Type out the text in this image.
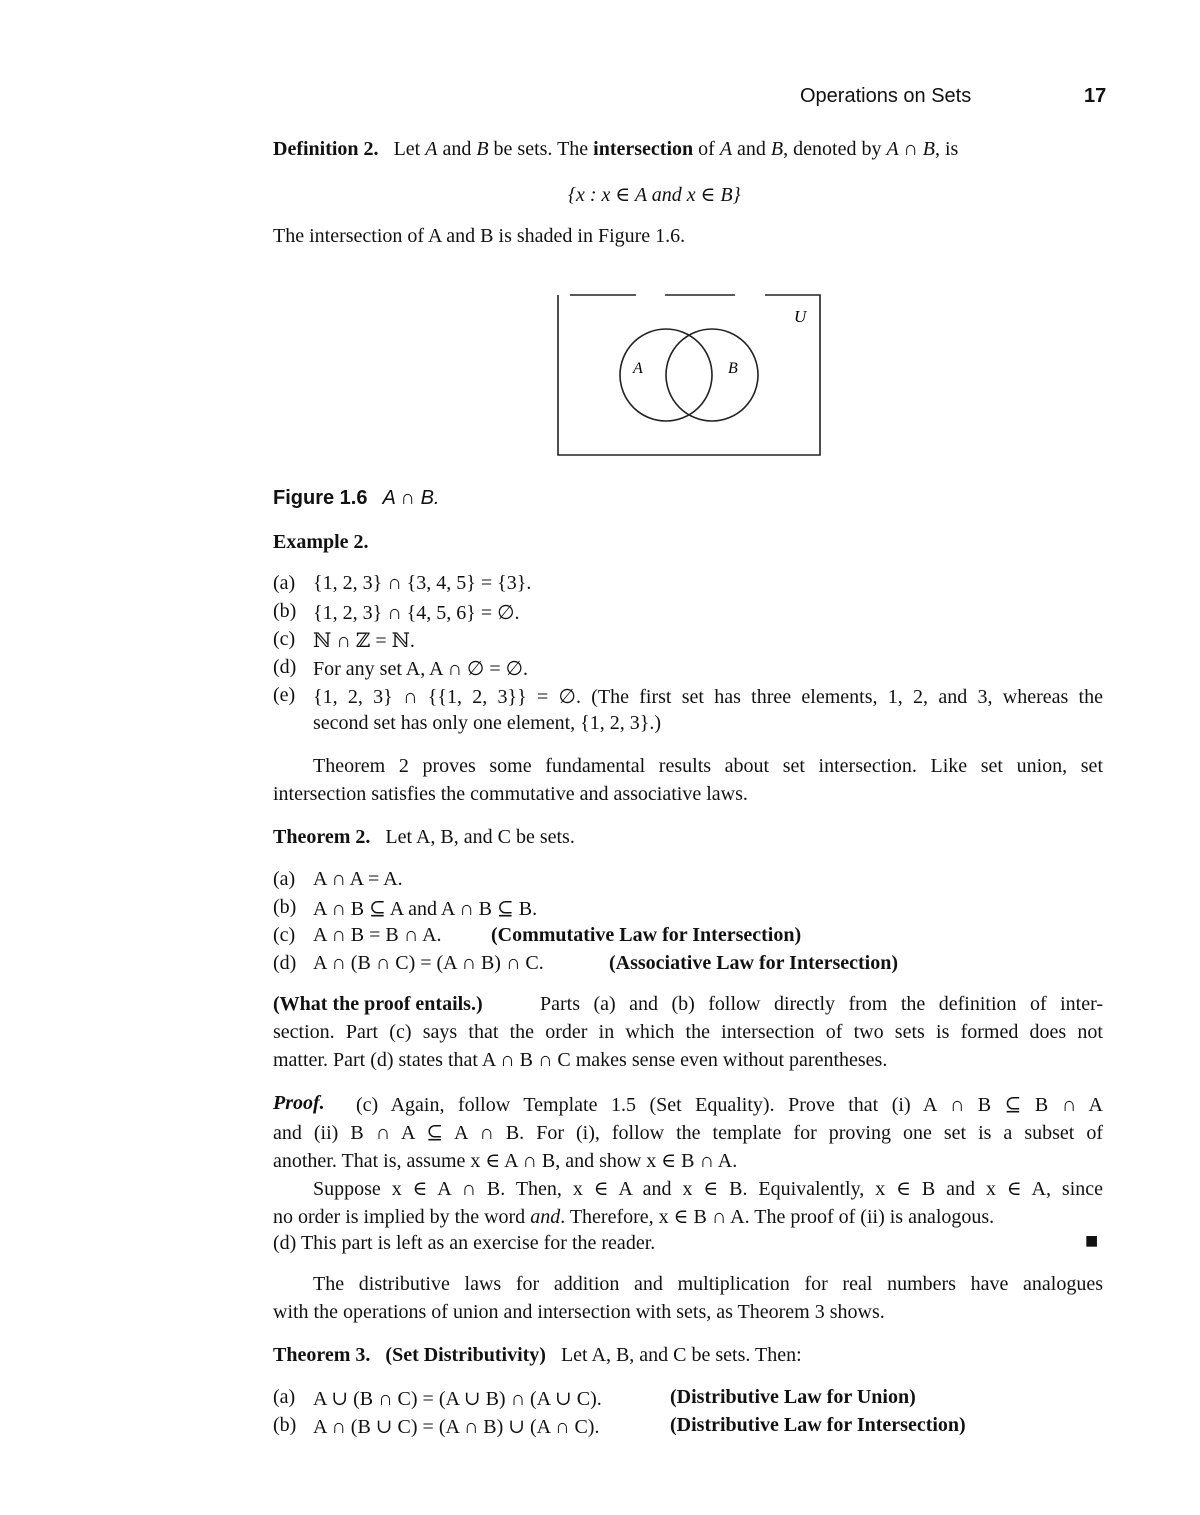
Operations on Sets	17
Definition 2. Let A and B be sets. The intersection of A and B, denoted by A ∩ B, is
{x : x ∈ A and x ∈ B}
The intersection of A and B is shaded in Figure 1.6.
U
A	B
Figure 1.6 A ∩ B.
Example 2.
(a) {1, 2, 3} ∩ {3, 4, 5} = {3}.
(b) {1, 2, 3} ∩ {4, 5, 6} = ∅.
(c) ℕ ∩ ℤ = ℕ.
(d) For any set A, A ∩ ∅ = ∅.
(e) {1, 2, 3} ∩ {{1, 2, 3}} = ∅. (The first set has three elements, 1, 2, and 3, whereas the
second set has only one element, {1, 2, 3}.)
Theorem 2 proves some fundamental results about set intersection. Like set union, set
intersection satisfies the commutative and associative laws.
Theorem 2. Let A, B, and C be sets.
(a) A ∩ A = A.
(b) A ∩ B ⊆ A and A ∩ B ⊆ B.
(c) A ∩ B = B ∩ A. (Commutative Law for Intersection)
(d) A ∩ (B ∩ C) = (A ∩ B) ∩ C.	(Associative Law for Intersection)
(What the proof entails.)	Parts (a) and (b) follow directly from the definition of inter-
section. Part (c) says that the order in which the intersection of two sets is formed does not
matter. Part (d) states that A ∩ B ∩ C makes sense even without parentheses.
Proof. (c) Again, follow Template 1.5 (Set Equality). Prove that (i) A ∩ B ⊆ B ∩ A
and (ii) B ∩ A ⊆ A ∩ B. For (i), follow the template for proving one set is a subset of
another. That is, assume x ∈ A ∩ B, and show x ∈ B ∩ A.
Suppose x ∈ A ∩ B. Then, x ∈ A and x ∈ B. Equivalently, x ∈ B and x ∈ A, since
no order is implied by the word and. Therefore, x ∈ B ∩ A. The proof of (ii) is analogous.
(d) This part is left as an exercise for the reader.	■
The distributive laws for addition and multiplication for real numbers have analogues
with the operations of union and intersection with sets, as Theorem 3 shows.
Theorem 3. (Set Distributivity) Let A, B, and C be sets. Then:
(a) A ∪ (B ∩ C) = (A ∪ B) ∩ (A ∪ C).	(Distributive Law for Union)
(b) A ∩ (B ∪ C) = (A ∩ B) ∪ (A ∩ C).	(Distributive Law for Intersection)
